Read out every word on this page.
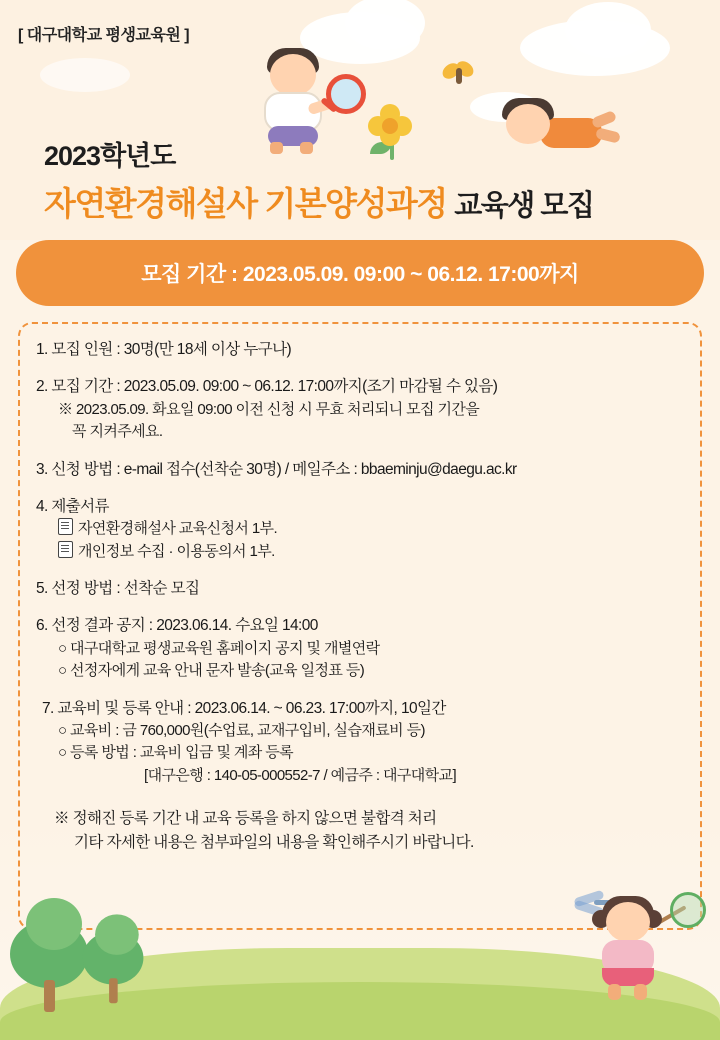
[ 대구대학교 평생교육원 ]
2023학년도
자연환경해설사 기본양성과정 교육생 모집
모집 기간 : 2023.05.09. 09:00 ~ 06.12. 17:00까지
1. 모집 인원 : 30명(만 18세 이상 누구나)
2. 모집 기간 : 2023.05.09. 09:00 ~ 06.12. 17:00까지(조기 마감될 수 있음)
※ 2023.05.09. 화요일 09:00 이전 신청 시 무효 처리되니 모집 기간을
꼭 지켜주세요.
3. 신청 방법 : e-mail 접수(선착순 30명) / 메일주소 : bbaeminju@daegu.ac.kr
4. 제출서류
자연환경해설사 교육신청서 1부.
개인정보 수집 · 이용동의서 1부.
5. 선정 방법 : 선착순 모집
6. 선정 결과 공지 : 2023.06.14. 수요일 14:00
○ 대구대학교 평생교육원 홈페이지 공지 및 개별연락
○ 선정자에게 교육 안내 문자 발송(교육 일정표 등)
7. 교육비 및 등록 안내 : 2023.06.14. ~ 06.23. 17:00까지, 10일간
○ 교육비 : 금 760,000원(수업료, 교재구입비, 실습재료비 등)
○ 등록 방법 : 교육비 입금 및 계좌 등록
[대구은행 : 140-05-000552-7 / 예금주 : 대구대학교]
※ 정해진 등록 기간 내 교육 등록을 하지 않으면 불합격 처리
기타 자세한 내용은 첨부파일의 내용을 확인해주시기 바랍니다.
